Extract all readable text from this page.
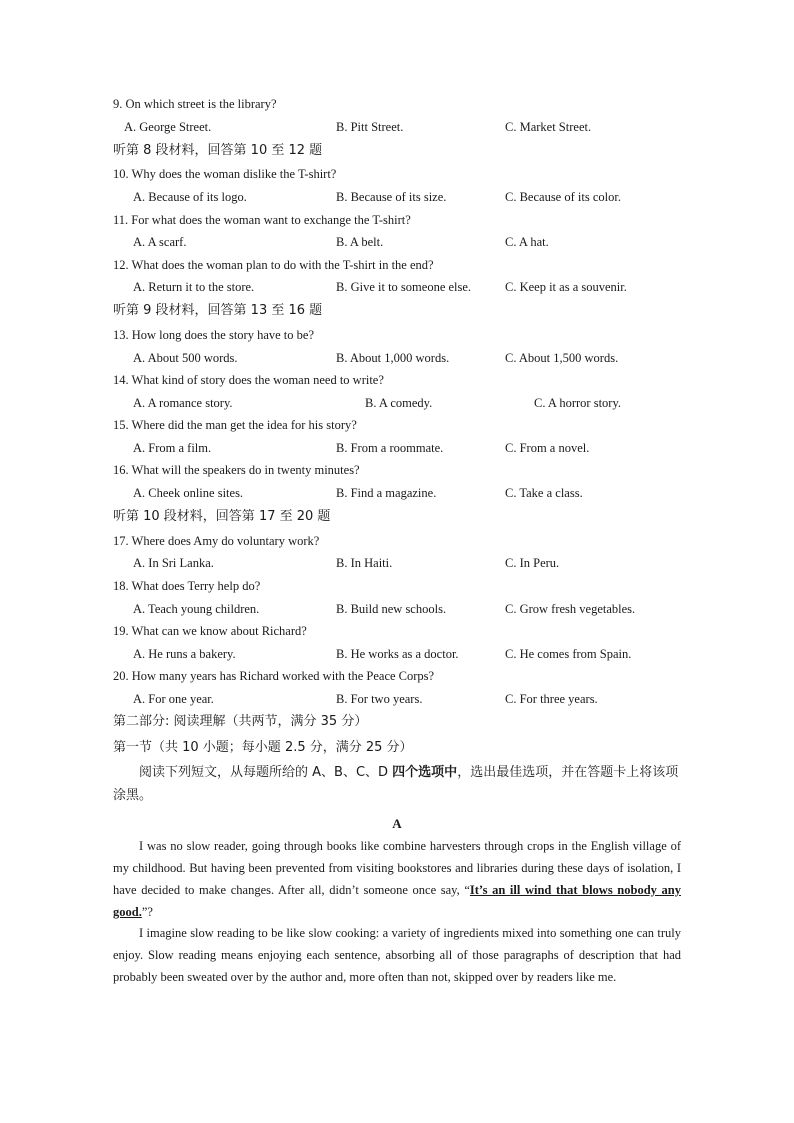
9. On which street is the library?
A. George Street.	B. Pitt Street.	C. Market Street.
听第 8 段材料，回答第 10 至 12 题
10. Why does the woman dislike the T-shirt?
A. Because of its logo.	B. Because of its size.	C. Because of its color.
11. For what does the woman want to exchange the T-shirt?
A. A scarf.	B. A belt.	C. A hat.
12. What does the woman plan to do with the T-shirt in the end?
A. Return it to the store.	B. Give it to someone else.	C. Keep it as a souvenir.
听第 9 段材料，回答第 13 至 16 题
13. How long does the story have to be?
A. About 500 words.	B. About 1,000 words.	C. About 1,500 words.
14. What kind of story does the woman need to write?
A. A romance story.	B. A comedy.	C. A horror story.
15. Where did the man get the idea for his story?
A. From a film.	B. From a roommate.	C. From a novel.
16. What will the speakers do in twenty minutes?
A. Cheek online sites.	B. Find a magazine.	C. Take a class.
听第 10 段材料，回答第 17 至 20 题
17. Where does Amy do voluntary work?
A. In Sri Lanka.	B. In Haiti.	C. In Peru.
18. What does Terry help do?
A. Teach young children.	B. Build new schools.	C. Grow fresh vegetables.
19. What can we know about Richard?
A. He runs a bakery.	B. He works as a doctor.	C. He comes from Spain.
20. How many years has Richard worked with the Peace Corps?
A. For one year.	B. For two years.	C. For three years.
第二部分: 阅读理解（共两节，满分 35 分）
第一节（共 10 小题；每小题 2.5 分，满分 25 分）
阅读下列短文，从每题所给的 A、B、C、D 四个选项中，选出最佳选项，并在答题卡上将该项涂黑。
A
I was no slow reader, going through books like combine harvesters through crops in the English village of my childhood. But having been prevented from visiting bookstores and libraries during these days of isolation, I have decided to make changes. After all, didn’t someone once say, “It’s an ill wind that blows nobody any good.”?
I imagine slow reading to be like slow cooking: a variety of ingredients mixed into something one can truly enjoy. Slow reading means enjoying each sentence, absorbing all of those paragraphs of description that had probably been sweated over by the author and, more often than not, skipped over by readers like me.
